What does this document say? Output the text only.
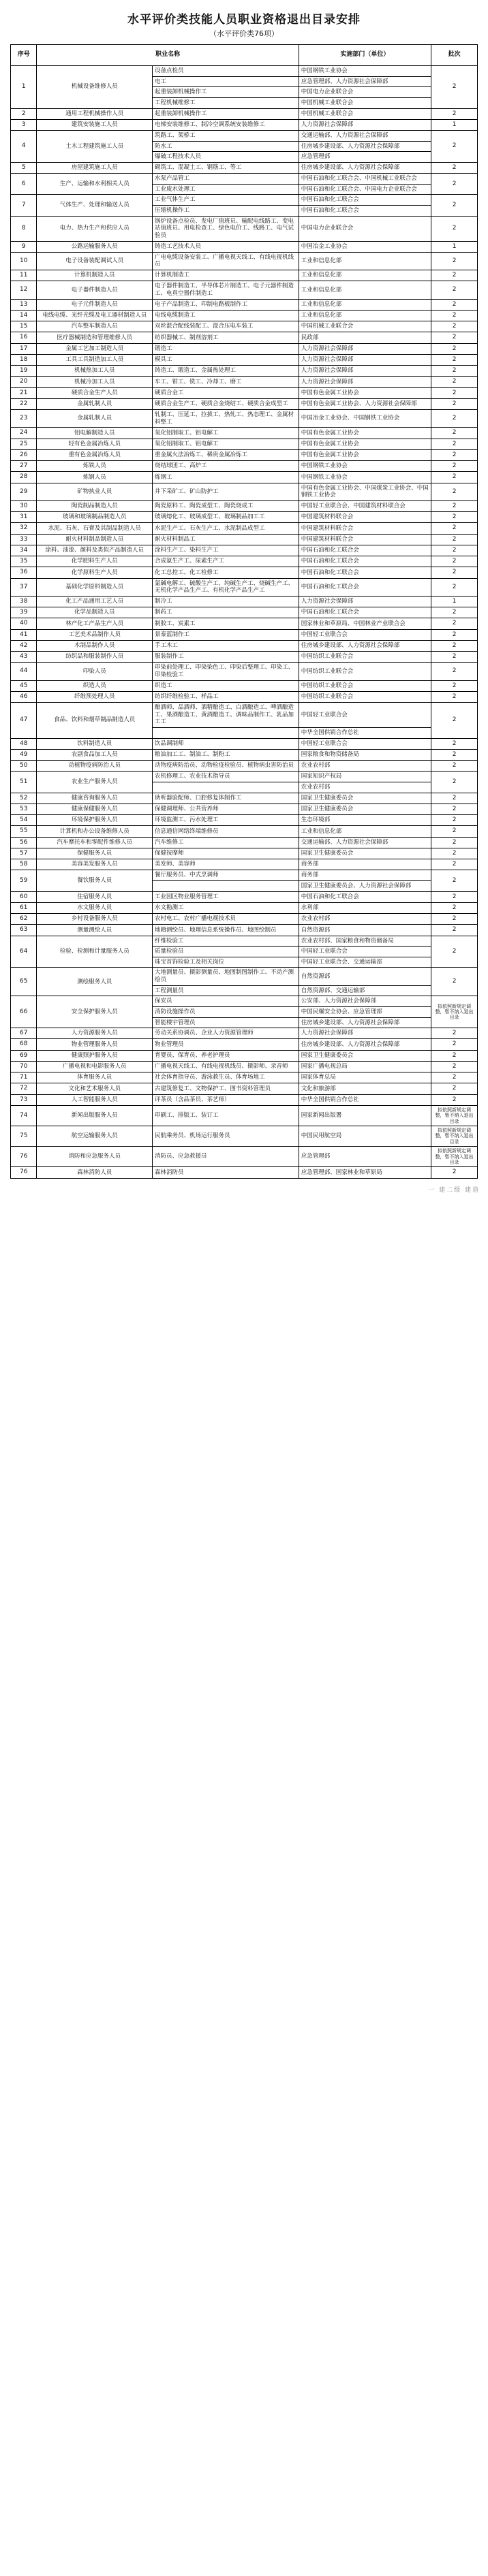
水平评价类技能人员职业资格退出目录安排
（水平评价类76项）
序号	职业名称		实施部门（单位）	批次
1	机械设备维修人员	设备点检员	中国钢铁工业协会	2
		电工	应急管理部、人力资源社会保障部	
		起重装卸机械操作工	中国电力企业联合会	
		工程机械维修工	中国机械工业联合会	
2	通用工程机械操作人员	起重装卸机械操作工	中国机械工业联合会	2
3	建筑安装施工人员	电梯安装维修工、制冷空调系统安装维修工	人力资源社会保障部	1
4	土木工程建筑施工人员	筑路工、架桥工	交通运输部、人力资源社会保障部	2
		防水工	住房城乡建设部、人力资源社会保障部	
		爆破工程技术人员	应急管理部	
5	房屋建筑施工人员	砌筑工、混凝土工、钢筋工、等工	住房城乡建设部、人力资源社会保障部	2
6	生产、运输和水利相关人员	水泵产品管工	中国石油和化工联合会、中国机械工业联合会	2
		工业废水处理工	中国石油和化工联合会、中国电力企业联合会	
7	气体生产、处理和输送人员	工业气体生产工	中国石油和化工联合会	2
		压缩机操作工	中国石油和化工联合会	
8	电力、热力生产和供应人员	锅炉设备点检员、发电厂值班员、输配电线路工、变电站值班员、用电检查工、绿色电价工、线路工、电气试验员	中国电力企业联合会	2
9	公路运输服务人员	铸造工艺技术人员	中国冶金工业协会	1
10	电子设备装配调试人员	广电电缆设备安装工、广播电视天线工、有线电视机线员	工业和信息化部	2
11	计算机制造人员	计算机制造工	工业和信息化部	2
12	电子器件制造人员	电子器件制造工、半导体芯片制造工、电子元器件制造工、电真空器件制造工	工业和信息化部	2
13	电子元件制造人员	电子产品制造工、印制电路板制作工	工业和信息化部	2
14	电线电缆、光纤光缆及电工器材制造人员	电线电缆制造工	工业和信息化部	2
15	汽车整车制造人员	双丝混合配线装配工、混合压电车装工	中国机械工业联合会	2
16	医疗器械制造和管理维修人员	纺织器械工、制剂溶剂工	民政部	2
17	金属工艺加工制造人员	锻造工	人力资源社会保障部	2
18	工具工具制造加工人员	模具工	人力资源社会保障部	2
19	机械热加工人员	铸造工、锻造工、金属热处理工	人力资源社会保障部	2
20	机械冷加工人员	车工、钳工、铣工、冷却工、磨工	人力资源社会保障部	2
21	硬质合金生产人员	硬质合金工	中国有色金属工业协会	2
22	金属轧制人员	硬质合金生产工、硬质合金烧结工、硬质合金成型工	中国有色金属工业协会、人力资源社会保障部	2
23	金属轧制人员	轧制工、压延工、拉拔工、热轧工、热态理工、金属材料整工	中国冶金工业协会、中国钢铁工业协会	2
24	铝电解制造人员	氧化铝制取工、铝电解工	中国有色金属工业协会	2
25	轻有色金属冶炼人员	氧化铝制取工、铝电解工	中国有色金属工业协会	2
26	重有色金属冶炼人员	重金属火法冶炼工、稀贵金属冶炼工	中国有色金属工业协会	2
27	炼铁人员	烧结球团工、高炉工	中国钢铁工业协会	2
28	炼钢人员	炼钢工	中国钢铁工业协会	2
29	矿物执业人员	井下采矿工、矿山防护工	中国有色金属工业协会、中国煤炭工业协会、中国钢铁工业协会	2
30	陶瓷制品制造人员	陶瓷原料工、陶瓷成型工、陶瓷烧成工	中国轻工业联合会、中国建筑材料联合会	2
31	玻璃和玻璃制品制造人员	玻璃熔化工、玻璃成型工、玻璃制品加工工	中国建筑材料联合会	2
32	水泥、石灰、石膏及其制品制造人员	水泥生产工、石灰生产工、水泥制品成型工	中国建筑材料联合会	2
33	耐火材料制品制造人员	耐火材料制品工	中国建筑材料联合会	2
34	涂料、油漆、颜料及类似产品制造人员	涂料生产工、染料生产工	中国石油和化工联合会	2
35	化学肥料生产人员	合成氨生产工、尿素生产工	中国石油和化工联合会	2
36	化学原料生产人员	化工总控工、化工检修工	中国石油和化工联合会	2
37	基础化学原料制造人员	氯碱电解工、硫酸生产工、纯碱生产工、烧碱生产工、无机化学产品生产工、有机化学产品生产工	中国石油和化工联合会	2
38	化工产品通用工艺人员	制冷工	人力资源社会保障部	1
39	化学品制造人员	制药工	中国石油和化工联合会	2
40	林产化工产品生产人员	制胶工、炭素工	国家林业和草原局、中国林业产业联合会	2
41	工艺美术品制作人员	景泰蓝制作工	中国轻工业联合会	2
42	木制品制作人员	手工木工	住房城乡建设部、人力资源社会保障部	2
43	纺织品和服装制作人员	服装制作工	中国纺织工业联合会	2
44	印染人员	印染前处理工、印染染色工、印染后整理工、印染工、印染检验工	中国纺织工业联合会	2
45	织造人员	织造工	中国纺织工业联合会	2
46	纤维预处理人员	纺织纤维检验工、样品工	中国纺织工业联合会	2
47	食品、饮料和烟草制品制造人员	酿酒师、品酒师、酒精酿造工、白酒酿造工、啤酒酿造工、果酒酿造工、黄酒酿造工、调味品制作工、乳品加工工	中国轻工业联合会	2
			中华全国供销合作总社	
48	饮料制造人员	饮品调制师	中国轻工业联合会	2
49	农副食品加工人员	粮油加工工、制油工、制粉工	国家粮食和物资储备局	2
50	动植物疫病防治人员	动物疫病防治员、动物检疫检验员、植物病虫害防治员	农业农村部	2
51	农业生产服务人员	农机修理工、农业技术指导员	国家知识产权局	2
			农业农村部	
52	健康咨询服务人员	助听器验配师、口腔修复体制作工	国家卫生健康委员会	2
53	健康保健服务人员	保健调理师、公共营养师	国家卫生健康委员会	2
54	环境保护服务人员	环境监测工、污水处理工	生态环境部	2
55	计算机和办公设备维修人员	信息通信网络终端维修员	工业和信息化部	2
56	汽车摩托车和零配件维修人员	汽车维修工	交通运输部、人力资源社会保障部	2
57	保健服务人员	保健按摩师	国家卫生健康委员会	2
58	美容美发服务人员	美发师、美容师	商务部	2
59	餐饮服务人员	餐厅服务员、中式烹调师	商务部	2
			国家卫生健康委员会、人力资源社会保障部	
60	住宿服务人员	工业园区物业服务管理工	中国石油和化工联合会	2
61	水文服务人员	水文勘测工	水利部	2
62	乡村设备服务人员	农村电工、农村广播电视技术员	农业农村部	2
63	测量测绘人员	地籍测绘员、地理信息系统操作员、地图绘制员	自然资源部	2
64	检验、检测和计量服务人员	纤维检验工	农业农村部、国家粮食和物资储备局	2
		质量检验员	中国轻工业联合会	
		珠宝首饰检验工及相关岗位	中国轻工业联合会、交通运输部	
65	测绘服务人员	大地测量员、摄影测量员、地图制图制作工、不动产测绘员	自然资源部	2
		工程测量员	自然资源部、交通运输部	
66	安全保护服务人员	保安员	公安部、人力资源社会保障部	拟依照新规定调整，暂不纳入退出目录
		消防设施操作员	中国民爆安全协会、应急管理部	
		智能楼宇管理员	住房城乡建设部、人力资源社会保障部	
67	人力资源服务人员	劳动关系协调员、企业人力资源管理师	人力资源社会保障部	2
68	物业管理服务人员	物业管理员	住房城乡建设部、人力资源社会保障部	2
69	健康照护服务人员	育婴员、保育员、养老护理员	国家卫生健康委员会	2
70	广播电视和电影服务人员	广播电视天线工、有线电视机线员、摄影师、录音师	国家广播电视总局	2
71	体育服务人员	社会体育指导员、游泳救生员、体育场地工	国家体育总局	2
72	文化和艺术服务人员	古建筑修复工、文物保护工、图书资料管理员	文化和旅游部	2
73	人工智能服务人员	评茶员（含品茶员、茶艺师）	中华全国供销合作总社	2
74	新闻出版服务人员	印刷工、排版工、装订工	国家新闻出版署	拟依照新规定调整，暂不纳入退出目录
75	航空运输服务人员	民航乘务员、机场运行服务员	中国民用航空局	拟依照新规定调整，暂不纳入退出目录
76	消防和应急服务人员	消防员、应急救援员	应急管理部	拟依照新规定调整，暂不纳入退出目录
76	森林消防人员	森林消防员	应急管理部、国家林业和草原局	2
一 建二级 建造
